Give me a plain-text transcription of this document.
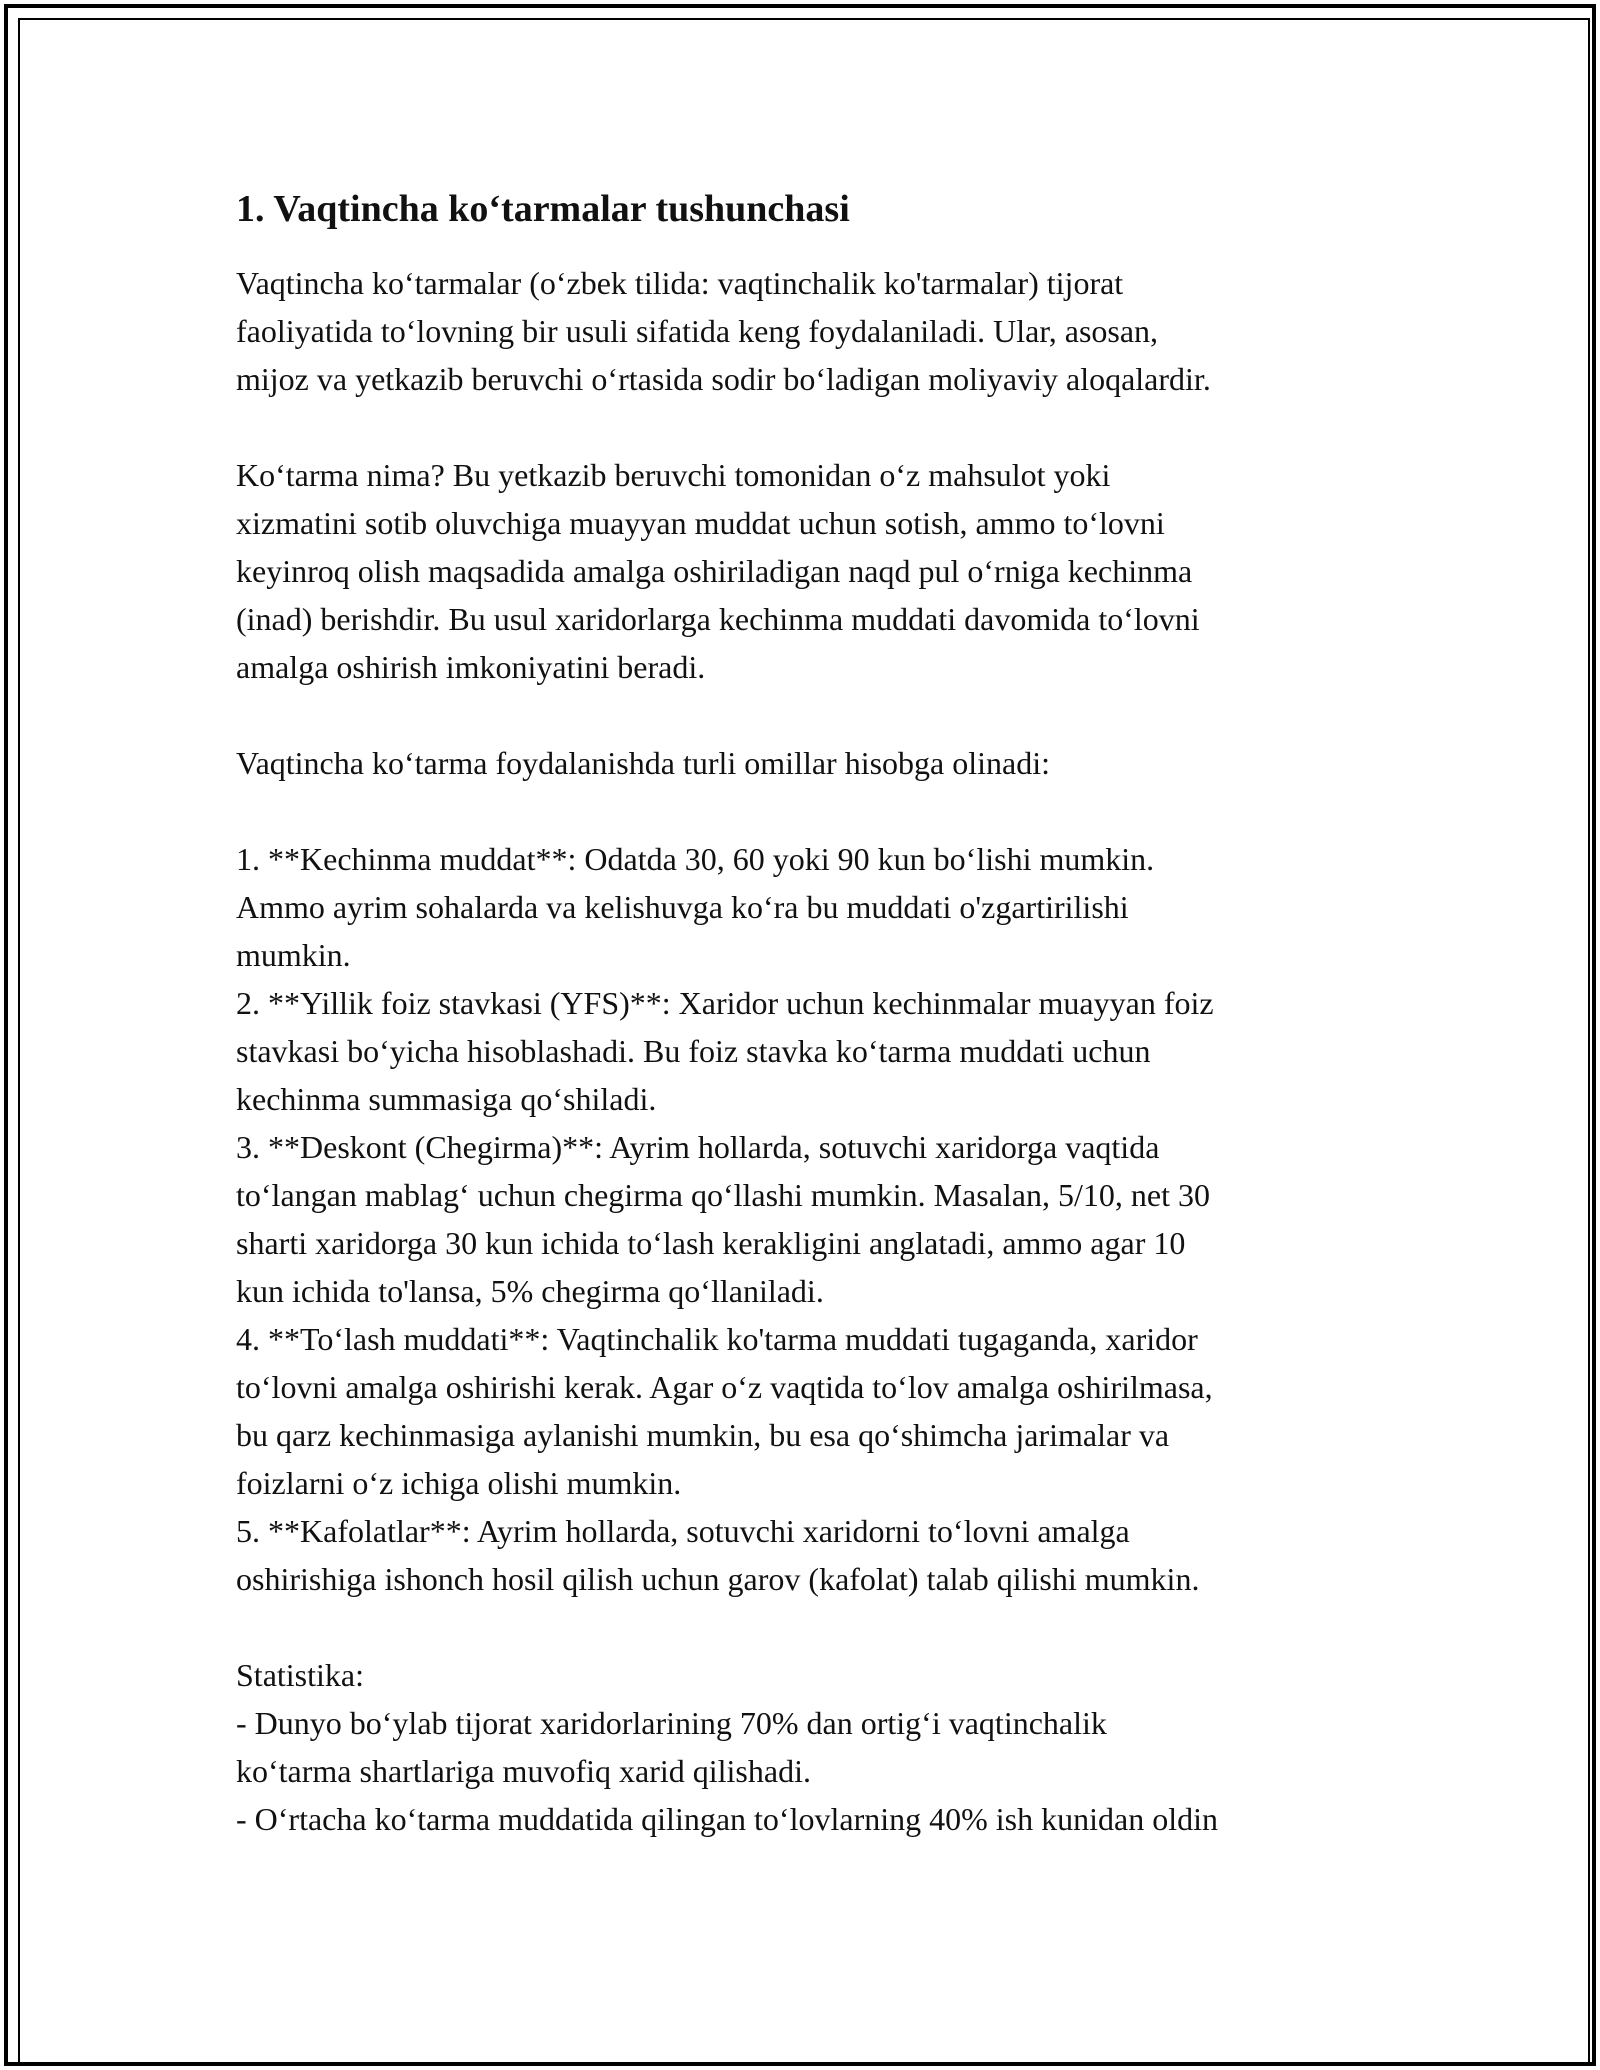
1. Vaqtincha ko‘tarmalar tushunchasi
Vaqtincha ko‘tarmalar (o‘zbek tilida: vaqtinchalik ko'tarmalar) tijorat
faoliyatida to‘lovning bir usuli sifatida keng foydalaniladi. Ular, asosan,
mijoz va yetkazib beruvchi o‘rtasida sodir bo‘ladigan moliyaviy aloqalardir.
Ko‘tarma nima? Bu yetkazib beruvchi tomonidan o‘z mahsulot yoki
xizmatini sotib oluvchiga muayyan muddat uchun sotish, ammo to‘lovni
keyinroq olish maqsadida amalga oshiriladigan naqd pul o‘rniga kechinma
(inad) berishdir. Bu usul xaridorlarga kechinma muddati davomida to‘lovni
amalga oshirish imkoniyatini beradi.
Vaqtincha ko‘tarma foydalanishda turli omillar hisobga olinadi:
1. **Kechinma muddat**: Odatda 30, 60 yoki 90 kun bo‘lishi mumkin.
Ammo ayrim sohalarda va kelishuvga ko‘ra bu muddati o'zgartirilishi
mumkin.
2. **Yillik foiz stavkasi (YFS)**: Xaridor uchun kechinmalar muayyan foiz
stavkasi bo‘yicha hisoblashadi. Bu foiz stavka ko‘tarma muddati uchun
kechinma summasiga qo‘shiladi.
3. **Deskont (Chegirma)**: Ayrim hollarda, sotuvchi xaridorga vaqtida
to‘langan mablag‘ uchun chegirma qo‘llashi mumkin. Masalan, 5/10, net 30
sharti xaridorga 30 kun ichida to‘lash kerakligini anglatadi, ammo agar 10
kun ichida to'lansa, 5% chegirma qo‘llaniladi.
4. **To‘lash muddati**: Vaqtinchalik ko'tarma muddati tugaganda, xaridor
to‘lovni amalga oshirishi kerak. Agar o‘z vaqtida to‘lov amalga oshirilmasa,
bu qarz kechinmasiga aylanishi mumkin, bu esa qo‘shimcha jarimalar va
foizlarni o‘z ichiga olishi mumkin.
5. **Kafolatlar**: Ayrim hollarda, sotuvchi xaridorni to‘lovni amalga
oshirishiga ishonch hosil qilish uchun garov (kafolat) talab qilishi mumkin.
Statistika:
- Dunyo bo‘ylab tijorat xaridorlarining 70% dan ortig‘i vaqtinchalik
ko‘tarma shartlariga muvofiq xarid qilishadi.
- O‘rtacha ko‘tarma muddatida qilingan to‘lovlarning 40% ish kunidan oldin
